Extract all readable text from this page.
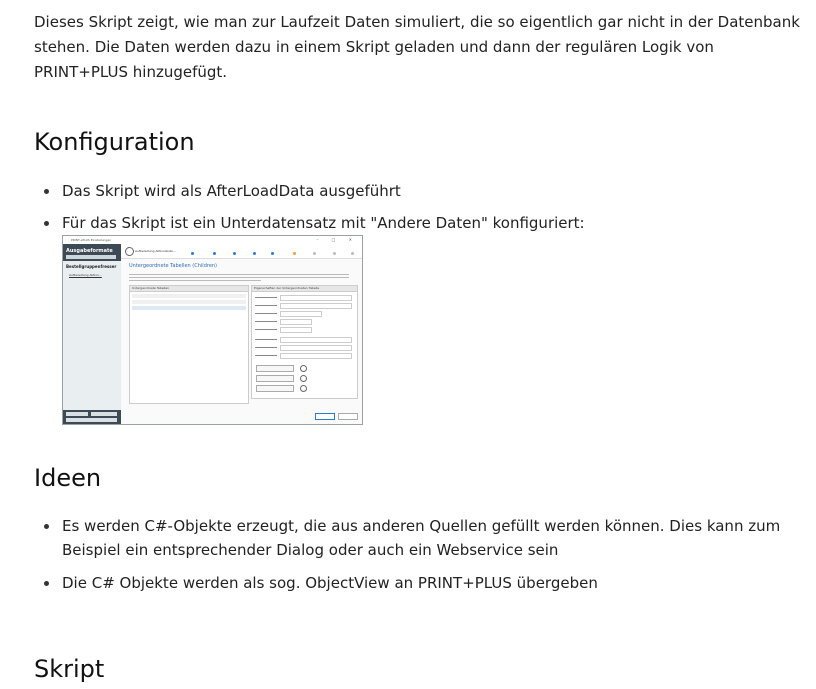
Dieses Skript zeigt, wie man zur Laufzeit Daten simuliert, die so eigentlich gar nicht in der Datenbank stehen. Die Daten werden dazu in einem Skript geladen und dann der regulären Logik von PRINT+PLUS hinzugefügt.

Konfiguration
Das Skript wird als AfterLoadData ausgeführt
Für das Skript ist ein Unterdatensatz mit "Andere Daten" konfiguriert:
Ideen
Es werden C#-Objekte erzeugt, die aus anderen Quellen gefüllt werden können. Dies kann zum Beispiel ein entsprechender Dialog oder auch ein Webservice sein
Die C# Objekte werden als sog. ObjectView an PRINT+PLUS übergeben
Skript
PRINT+PLUS Einstellungen	– □ ✕
Ausgabeformate
Bestellgruppenfresser
Aufbereitung Aktion...
Aufbereitung Aktionsliste...
Untergeordnete Tabellen (Children)
Untergeordnete Tabellen	Eigenschaften der Untergeordneten Tabelle
